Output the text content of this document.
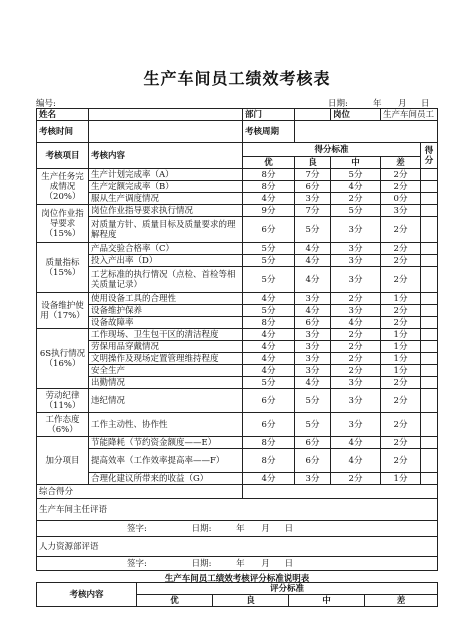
生产车间员工绩效考核表
编号:	日期:	年 月 日
姓名		部门		岗位	生产车间员工	
考核时间		考核周期				
考核项目	考核内容	得分标准				得分
		优	良	中	差	
生产任务完成情况（20%）	生产计划完成率（A）	8分	7分	5分	2分	
	生产定额完成率（B）	8分	6分	4分	2分	
	服从生产调度情况	4分	3分	2分	0分	
岗位作业指导要求（15%）	岗位作业指导要求执行情况	9分	7分	5分	3分	
	对质量方针、质量目标及质量要求的理解程度	6分	5分	3分	2分	
质量指标（15%）	产品交验合格率（C）	5分	4分	3分	2分	
	投入产出率（D）	5分	4分	3分	2分	
	工艺标准的执行情况（点检、首检等相关质量记录）	5分	4分	3分	2分	
设备维护使用（17%）	使用设备工具的合理性	4分	3分	2分	1分	
	设备维护保养	5分	4分	3分	2分	
	设备故障率	8分	6分	4分	2分	
6S执行情况（16%）	工作现场、卫生包干区的清洁程度	4分	3分	2分	1分	
	劳保用品穿戴情况	4分	3分	2分	1分	
	文明操作及现场定置管理维持程度	4分	3分	2分	1分	
	安全生产	4分	3分	2分	1分	
	出勤情况	5分	4分	3分	2分	
劳动纪律（11%）	违纪情况	6分	5分	3分	2分	
工作态度（6%）	工作主动性、协作性	6分	5分	3分	2分	
加分项目	节能降耗（节约资金额度——E）	8分	6分	4分	2分	
	提高效率（工作效率提高率——F）	8分	6分	4分	2分	
	合理化建议所带来的收益（G）	4分	3分	2分	1分	
综合得分						
生产车间主任评语						
签字: 日期: 年 月 日						
人力资源部评语						
签字: 日期: 年 月 日						
生产车间员工绩效考核评分标准说明表
考核内容	评分标准			
	优	良	中	差
